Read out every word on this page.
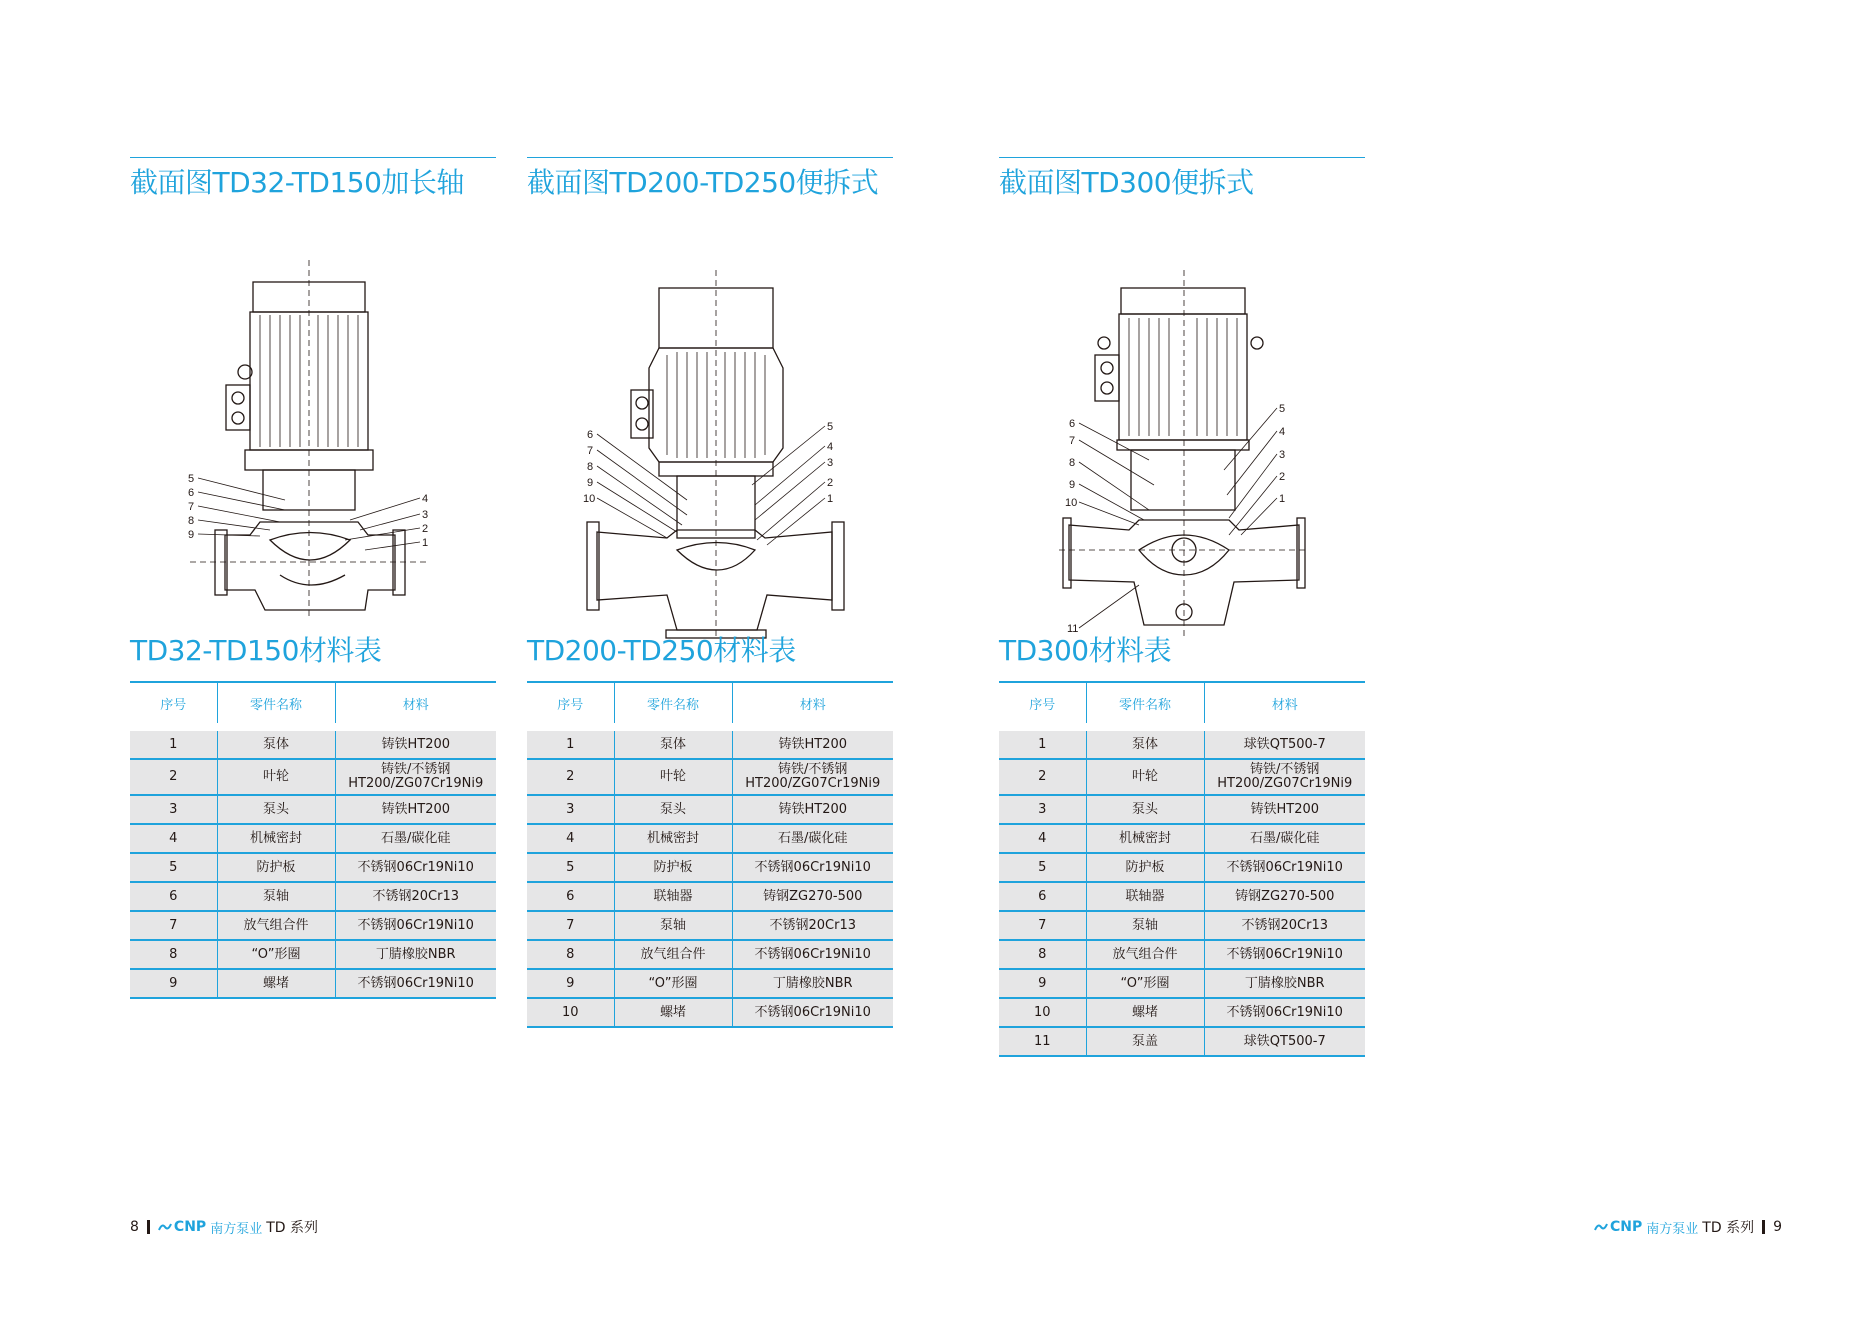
截面图TD32-TD150加长轴
5
6
7
8
9
4
3
2
1
TD32-TD150材料表
序号	零件名称	材料
1	泵体	铸铁HT200
2	叶轮	铸铁/不锈钢
HT200/ZG07Cr19Ni9
3	泵头	铸铁HT200
4	机械密封	石墨/碳化硅
5	防护板	不锈钢06Cr19Ni10
6	泵轴	不锈钢20Cr13
7	放气组合件	不锈钢06Cr19Ni10
8	“O”形圈	丁腈橡胶NBR
9	螺堵	不锈钢06Cr19Ni10
截面图TD200-TD250便拆式
6
7
8
9
10
5
4
3
2
1
TD200-TD250材料表
序号	零件名称	材料
1	泵体	铸铁HT200
2	叶轮	铸铁/不锈钢
HT200/ZG07Cr19Ni9
3	泵头	铸铁HT200
4	机械密封	石墨/碳化硅
5	防护板	不锈钢06Cr19Ni10
6	联轴器	铸钢ZG270-500
7	泵轴	不锈钢20Cr13
8	放气组合件	不锈钢06Cr19Ni10
9	“O”形圈	丁腈橡胶NBR
10	螺堵	不锈钢06Cr19Ni10
截面图TD300便拆式
6
7
8
9
10
11
5
4
3
2
1
TD300材料表
序号	零件名称	材料
1	泵体	球铁QT500-7
2	叶轮	铸铁/不锈钢
HT200/ZG07Cr19Ni9
3	泵头	铸铁HT200
4	机械密封	石墨/碳化硅
5	防护板	不锈钢06Cr19Ni10
6	联轴器	铸钢ZG270-500
7	泵轴	不锈钢20Cr13
8	放气组合件	不锈钢06Cr19Ni10
9	“O”形圈	丁腈橡胶NBR
10	螺堵	不锈钢06Cr19Ni10
11	泵盖	球铁QT500-7
8	CNP 南方泵业 TD 系列	CNP 南方泵业 TD 系列 9
